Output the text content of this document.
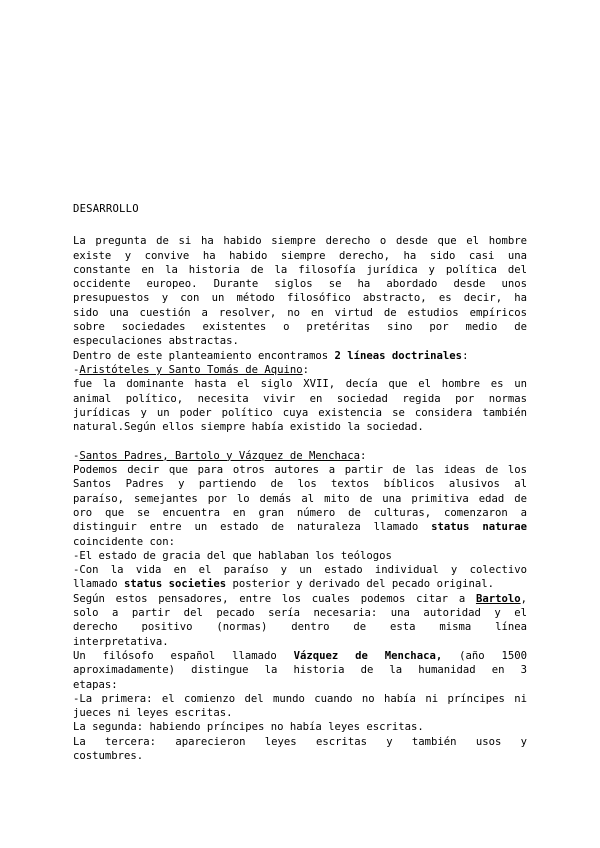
DESARROLLO

La pregunta de si ha habido siempre derecho o desde que el hombre

existe y convive ha habido siempre derecho, ha sido casi una

constante en la historia de la filosofía jurídica y política del

occidente europeo. Durante siglos se ha abordado desde unos

presupuestos y con un método filosófico abstracto, es decir, ha

sido una cuestión a resolver, no en virtud de estudios empíricos

sobre sociedades existentes o pretéritas sino por medio de

especulaciones abstractas.

Dentro de este planteamiento encontramos 2 líneas doctrinales:

-Aristóteles y Santo Tomás de Aquino:

fue la dominante hasta el siglo XVII, decía que el hombre es un

animal político, necesita vivir en sociedad regida por normas

jurídicas y un poder político cuya existencia se considera también

natural.Según ellos siempre había existido la sociedad.

-Santos Padres, Bartolo y Vázquez de Menchaca:

Podemos decir que para otros autores a partir de las ideas de los

Santos Padres y partiendo de los textos bíblicos alusivos al

paraíso, semejantes por lo demás al mito de una primitiva edad de

oro que se encuentra en gran número de culturas, comenzaron a

distinguir entre un estado de naturaleza llamado status naturae

coincidente con:

-El estado de gracia del que hablaban los teólogos

-Con la vida en el paraíso y un estado individual y colectivo

llamado status societies posterior y derivado del pecado original.

Según estos pensadores, entre los cuales podemos citar a Bartolo,

solo a partir del pecado sería necesaria: una autoridad y el

derecho positivo (normas) dentro de esta misma línea

interpretativa.

Un filósofo español llamado Vázquez de Menchaca, (año 1500

aproximadamente) distingue la historia de la humanidad en 3

etapas:

-La primera: el comienzo del mundo cuando no había ni príncipes ni

jueces ni leyes escritas.

La segunda: habiendo príncipes no había leyes escritas.

La tercera: aparecieron leyes escritas y también usos y

costumbres.
